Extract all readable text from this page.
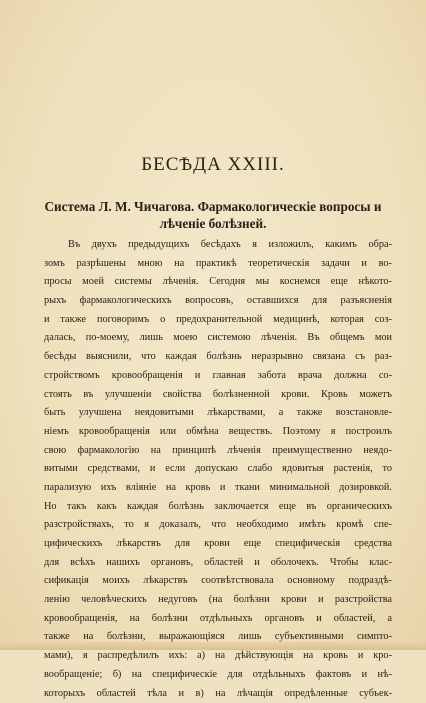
БЕСѢДА XXIII.
Система Л. М. Чичагова. Фармакологическіе вопросы и лѣченіе болѣзней.
Въ двухъ предыдущихъ бесѣдахъ я изложилъ, какимъ обра-
зомъ разрѣшены мною на практикѣ теоретическія задачи и во-
просы моей системы лѣченія. Сегодня мы коснемся еще нѣкото-
рыхъ фармакологическихъ вопросовъ, оставшихся для разъясненія
и также поговоримъ о предохранительной медицинѣ, которая соз-
далась, по-моему, лишь моею системою лѣченія. Въ общемъ мои
бесѣды выяснили, что каждая болѣзнь неразрывно связана съ раз-
стройствомъ кровообращенія и главная забота врача должна со-
стоять въ улучшеніи свойства болѣзненной крови. Кровь можетъ
быть улучшена неядовитыми лѣкарствами, а также возстановле-
ніемъ кровообращенія или обмѣна веществъ. Поэтому я построилъ
свою фармакологію на принципѣ лѣченія преимущественно неядо-
витыми средствами, и если допускаю слабо ядовитыя растенія, то
парализую ихъ вліяніе на кровь и ткани минимальной дозировкой.
Но такъ какъ каждая болѣзнь заключается еще въ органическихъ
разстройствахъ, то я доказалъ, что необходимо имѣть кромѣ спе-
цифическихъ лѣкарствъ для крови еще специфическія средства
для всѣхъ нашихъ органовъ, областей и оболочекъ. Чтобы клас-
сификація моихъ лѣкарствъ соотвѣтствовала основному подраздѣ-
ленію человѣческихъ недуговъ (на болѣзни крови и разстройства
кровообращенія, на болѣзни отдѣльныхъ органовъ и областей, а
также на болѣзни, выражающіяся лишь субъективными симпто-
мами), я распредѣлилъ ихъ: а) на дѣйствующія на кровь и кро-
вообращеніе; б) на специфическіе для отдѣльныхъ фактовъ и нѣ-
которыхъ областей тѣла и в) на лѣчащія опредѣленные субъек-
